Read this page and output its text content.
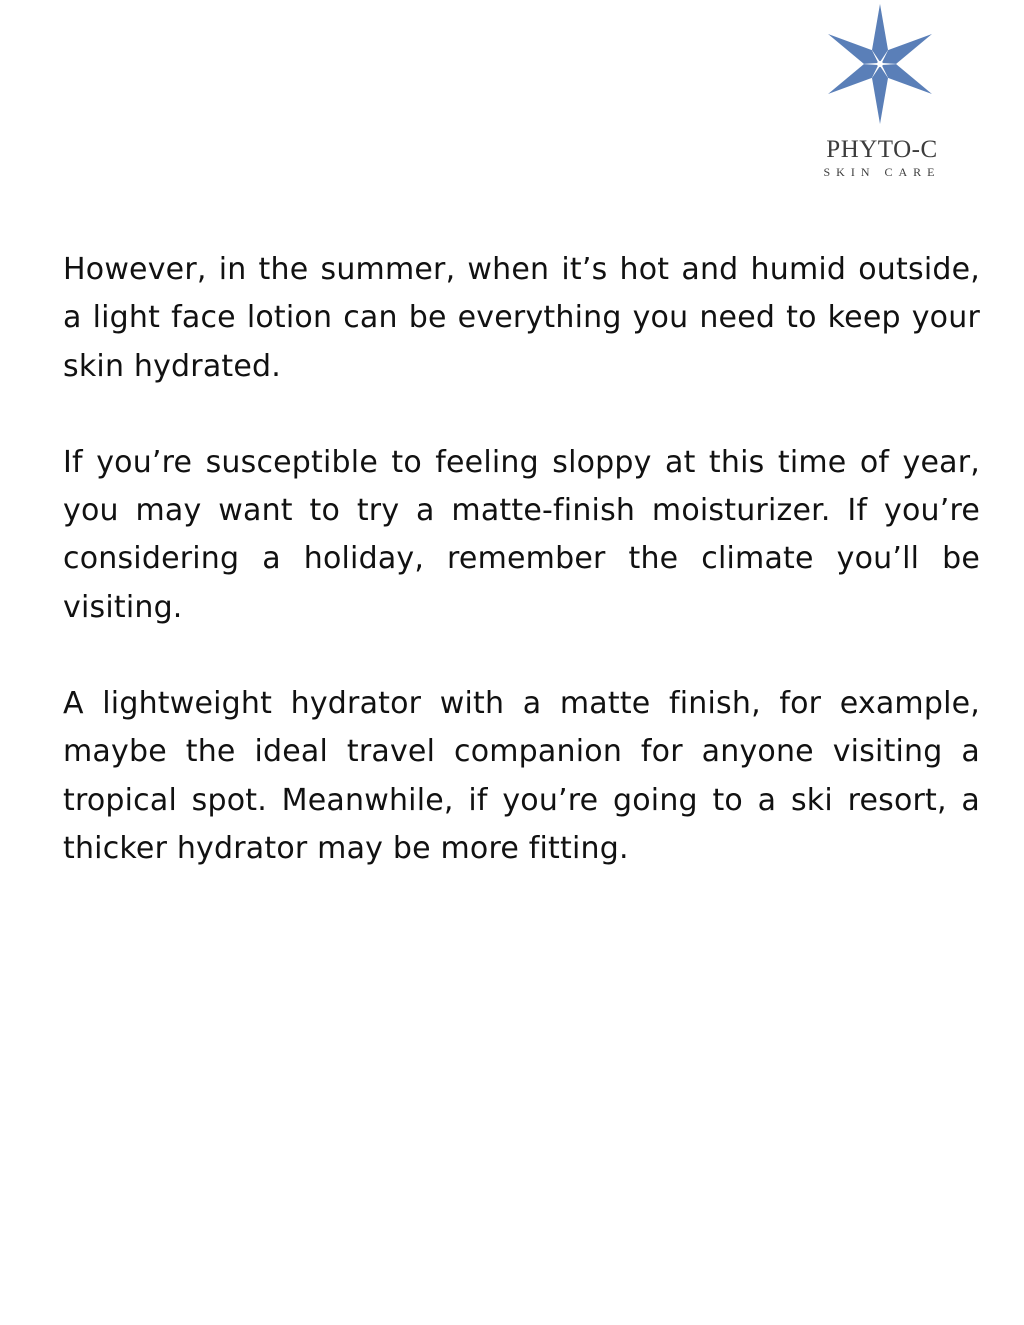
PHYTO-C
SKIN CARE

However, in the summer, when it’s hot and humid outside, a light face lotion can be everything you need to keep your skin hydrated.

If you’re susceptible to feeling sloppy at this time of year, you may want to try a matte-finish moisturizer. If you’re considering a holiday, remember the climate you’ll be visiting.

A lightweight hydrator with a matte finish, for example, maybe the ideal travel companion for anyone visiting a tropical spot. Meanwhile, if you’re going to a ski resort, a thicker hydrator may be more fitting.
